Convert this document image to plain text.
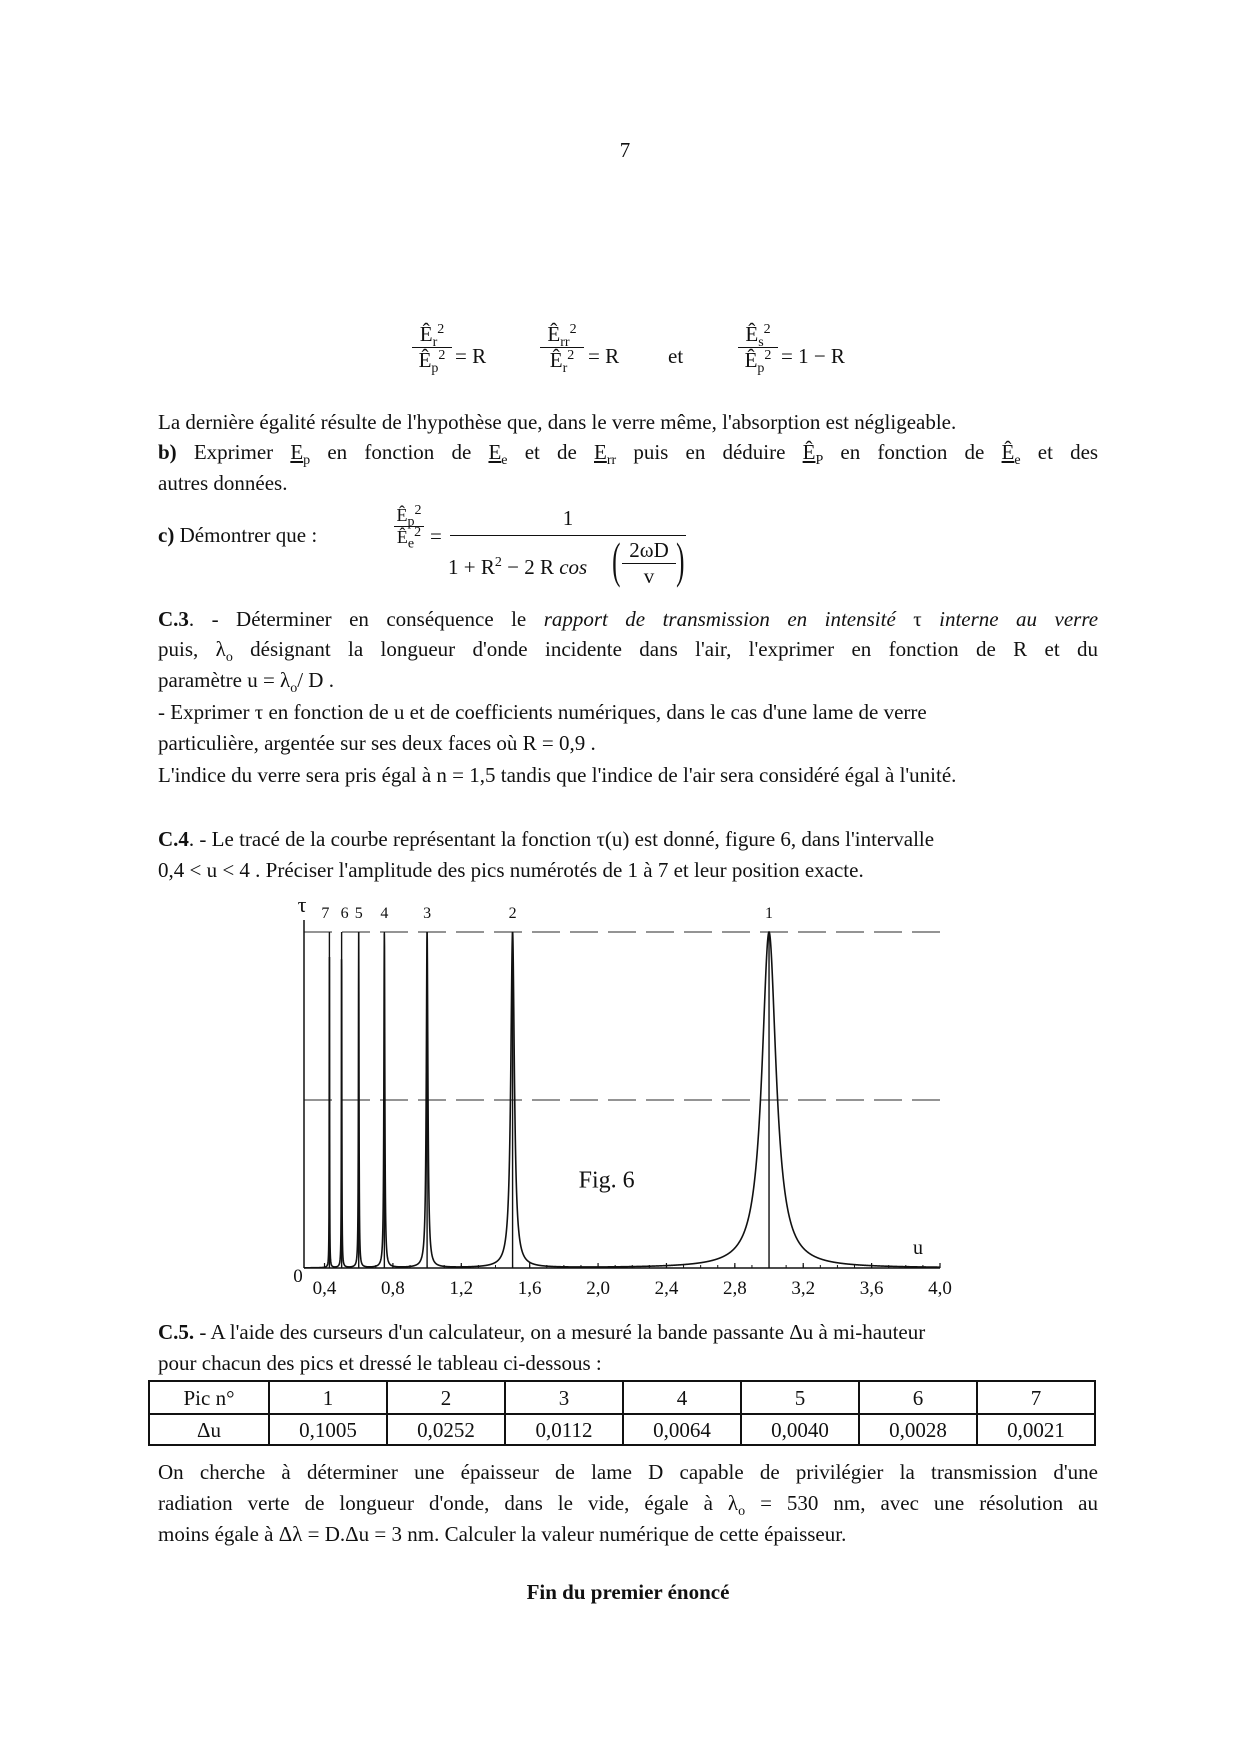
7
$Ê_r^2$
$Ê_p^2 = R$
$Ê_{rr}^2$
$Ê_r^2 = R$ et
$Ê_s^2$
$Ê_p^2 = 1 - R$
La dernière égalité résulte de l'hypothèse que, dans le verre même, l'absorption est négligeable.
b) Exprimer $E_p$ en fonction de $E_e$ et de $E_{rr}$ puis en déduire $Ê_P$ en fonction de $Ê_e$ et des
autres données.
c) Démontrer que :
$Ê_p^2$
$Ê_e^2$ =
1
$1 + R^2 - 2$ R cos ( 2ωD
v )
C.3. - Déterminer en conséquence le rapport de transmission en intensité τ interne au verre
puis, $\lambda_o$ désignant la longueur d'onde incidente dans l'air, l'exprimer en fonction de R et du
paramètre $u = \lambda_o/$ D .
- Exprimer τ en fonction de u et de coefficients numériques, dans le cas d'une lame de verre
particulière, argentée sur ses deux faces où R = 0,9 .
L'indice du verre sera pris égal à n = 1,5 tandis que l'indice de l'air sera considéré égal à l'unité.
C.4. - Le tracé de la courbe représentant la fonction τ(u) est donné, figure 6, dans l'intervalle
0,4 < u < 4 . Préciser l'amplitude des pics numérotés de 1 à 7 et leur position exacte.
0,4 0,8 1,2 1,6 2,0 2,4 2,8 3,2 3,6 4,0
τ
u
0
Fig. 6
1
2
3
4
5
6
7
C.5. - A l'aide des curseurs d'un calculateur, on a mesuré la bande passante Δu à mi-hauteur
pour chacun des pics et dressé le tableau ci-dessous :
Pic n°	1	2	3	4	5	6	7
Δu	0,1005	0,0252	0,0112	0,0064	0,0040	0,0028	0,0021
On cherche à déterminer une épaisseur de lame D capable de privilégier la transmission d'une
radiation verte de longueur d'onde, dans le vide, égale à $\lambda_o = 530$ nm, avec une résolution au
moins égale à Δλ = D.Δu = 3 nm. Calculer la valeur numérique de cette épaisseur.
Fin du premier énoncé
